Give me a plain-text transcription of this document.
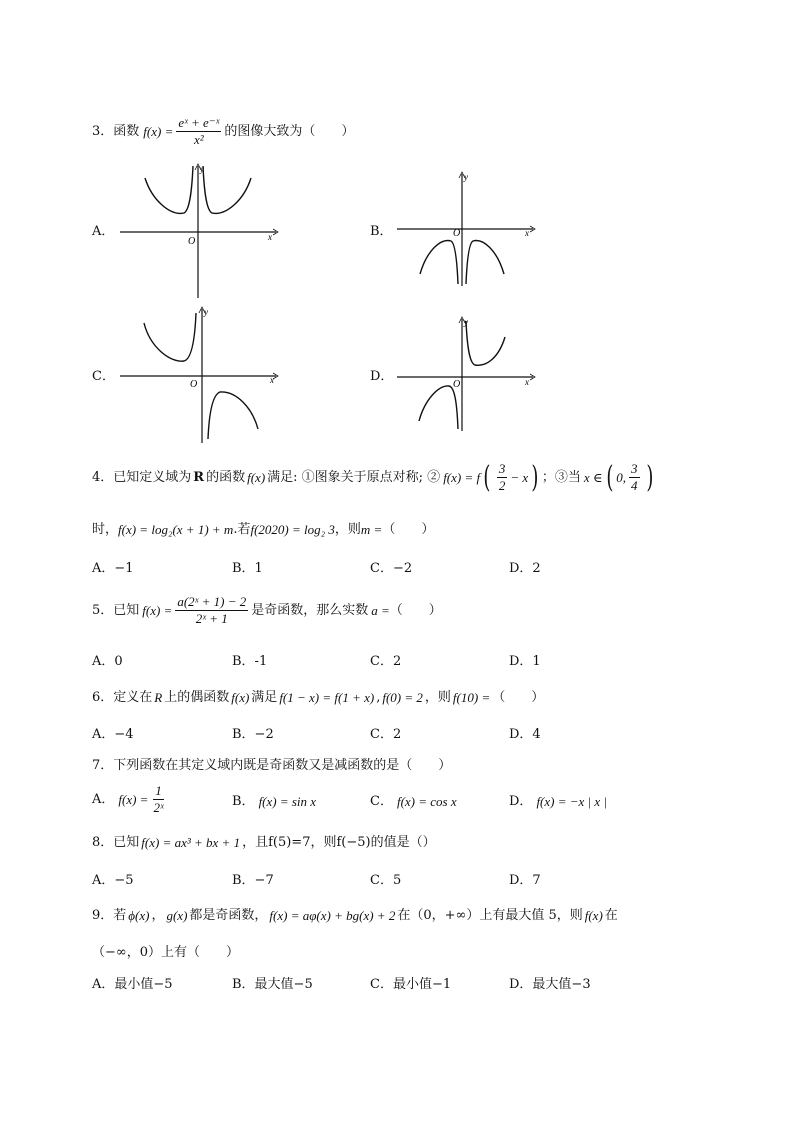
3．函数 $f(x) = \frac{\text{eˣ + e⁻ˣ}}{\text{x²}}$ 的图像大致为（　　）
A．
O	x
y
B．	O	x
y
C．
O	x
y
D．
O	x
y
4．已知定义域为 R 的函数 f(x) 满足: ①图象关于原点对称; ② f(x) = f ( $\frac{3}{2} - x$ ) ；③当 x ∈ ( 0, $\frac{3}{4}$ )
时， f(x) = log₂(x + 1) + m .若 f(2020) = log₂ 3 ，则 m = （　　）
A．−1	B．1	C．−2	D．2
5．已知 $f(x) = \frac{\text{a(2ˣ + 1) − 2}}{\text{2ˣ + 1}}$ 是奇函数，那么实数 a = （　　）
A．0	B．-1	C．2	D．1
6．定义在 R 上的偶函数 f(x) 满足 f(1 − x) = f(1 + x) , f(0) = 2 ，则 f(10) = （　　）
A．−4	B．−2	C．2	D．4
7．下列函数在其定义域内既是奇函数又是减函数的是（　　）
A． $f(x) = \frac{1}{\text{2ˣ}}$	B． f(x) = sin x	C． f(x) = cos x	D． f(x) = −x | x |
8．已知 f(x) = ax³ + bx + 1 ，且f(5)=7，则f(−5)的值是（）
A．−5	B．−7	C．5	D．7
9．若 ϕ(x) ， g(x) 都是奇函数， f(x) = aφ(x) + bg(x) + 2 在（0，+∞）上有最大值 5，则 f(x) 在
（−∞，0）上有（　　）
A．最小值−5	B．最大值−5	C．最小值−1	D．最大值−3
